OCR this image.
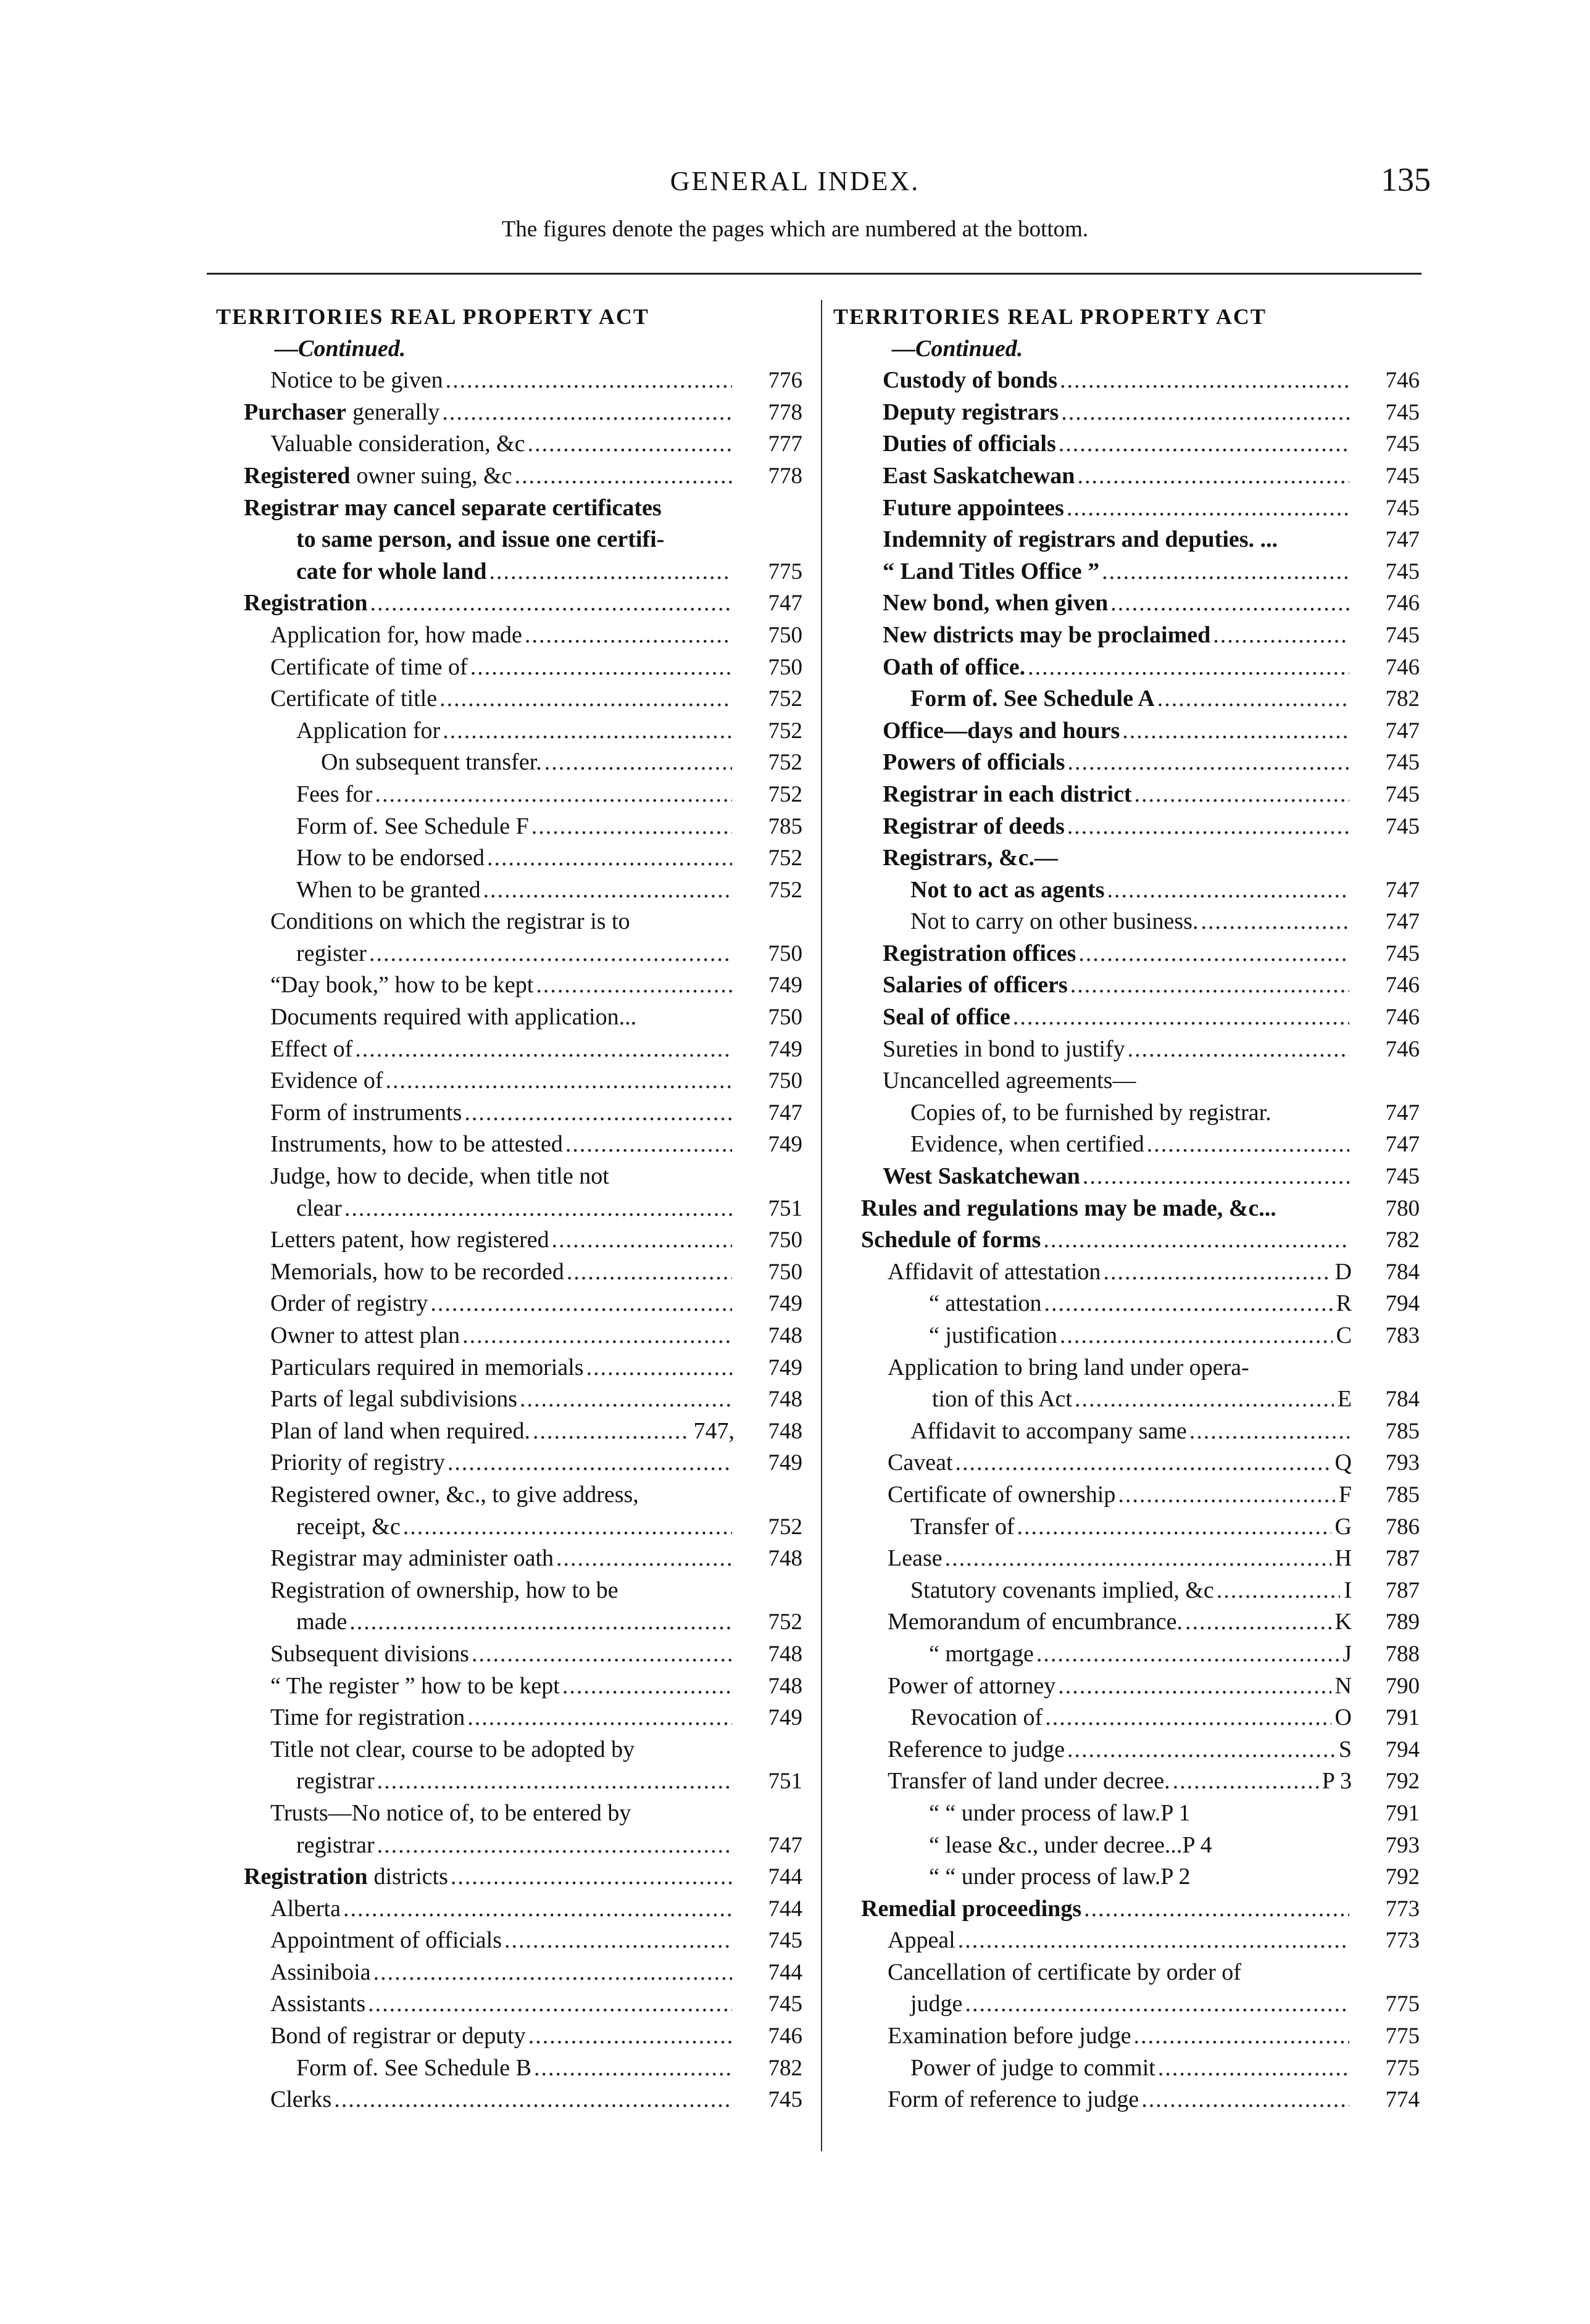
GENERAL INDEX.	135
The figures denote the pages which are numbered at the bottom.
TERRITORIES REAL PROPERTY ACT
—Continued.
Notice to be given .....	776
Purchaser generally .....	778
Valuable consideration, &c .....	777
Registered owner suing, &c .....	778
Registrar may cancel separate certificates
to same person, and issue one certifi-
cate for whole land .....	775
Registration .....	747
Application for, how made .....	750
Certificate of time of .....	750
Certificate of title .....	752
Application for .....	752
On subsequent transfer. .....	752
Fees for .....	752
Form of. See Schedule F .....	785
How to be endorsed .....	752
When to be granted .....	752
Conditions on which the registrar is to
register .....	750
“Day book,” how to be kept .....	749
Documents required with application...	750
Effect of .....	749
Evidence of .....	750
Form of instruments .....	747
Instruments, how to be attested .....	749
Judge, how to decide, when title not
clear .....	751
Letters patent, how registered .....	750
Memorials, how to be recorded .....	750
Order of registry .....	749
Owner to attest plan .....	748
Particulars required in memorials .....	749
Parts of legal subdivisions .....	748
Plan of land when required. .....	747,	748
Priority of registry .....	749
Registered owner, &c., to give address,
receipt, &c .....	752
Registrar may administer oath .....	748
Registration of ownership, how to be
made .....	752
Subsequent divisions .....	748
“ The register ” how to be kept .....	748
Time for registration .....	749
Title not clear, course to be adopted by
registrar .....	751
Trusts—No notice of, to be entered by
registrar .....	747
Registration districts .....	744
Alberta .....	744
Appointment of officials .....	745
Assiniboia .....	744
Assistants .....	745
Bond of registrar or deputy .....	746
Form of. See Schedule B .....	782
Clerks .....	745
TERRITORIES REAL PROPERTY ACT
—Continued.
Custody of bonds .....	746
Deputy registrars .....	745
Duties of officials .....	745
East Saskatchewan .....	745
Future appointees .....	745
Indemnity of registrars and deputies. ...	747
“ Land Titles Office ” .....	745
New bond, when given .....	746
New districts may be proclaimed .....	745
Oath of office. .....	746
Form of. See Schedule A .....	782
Office—days and hours .....	747
Powers of officials .....	745
Registrar in each district .....	745
Registrar of deeds .....	745
Registrars, &c.—
Not to act as agents .....	747
Not to carry on other business. .....	747
Registration offices .....	745
Salaries of officers .....	746
Seal of office .....	746
Sureties in bond to justify .....	746
Uncancelled agreements—
Copies of, to be furnished by registrar.	747
Evidence, when certified .....	747
West Saskatchewan .....	745
Rules and regulations may be made, &c...	780
Schedule of forms .....	782
Affidavit of attestation .....	D	784
“ attestation .....	R	794
“ justification .....	C	783
Application to bring land under opera-
tion of this Act .....	E	784
Affidavit to accompany same .....	785
Caveat .....	Q	793
Certificate of ownership .....	F	785
Transfer of .....	G	786
Lease .....	H	787
Statutory covenants implied, &c .....	I	787
Memorandum of encumbrance. .....	K	789
“ mortgage .....	J	788
Power of attorney .....	N	790
Revocation of .....	O	791
Reference to judge .....	S	794
Transfer of land under decree. .....	P 3	792
“ “ under process of law.P 1	791
“ lease &c., under decree...P 4	793
“ “ under process of law.P 2	792
Remedial proceedings .....	773
Appeal .....	773
Cancellation of certificate by order of
judge .....	775
Examination before judge .....	775
Power of judge to commit .....	775
Form of reference to judge .....	774
